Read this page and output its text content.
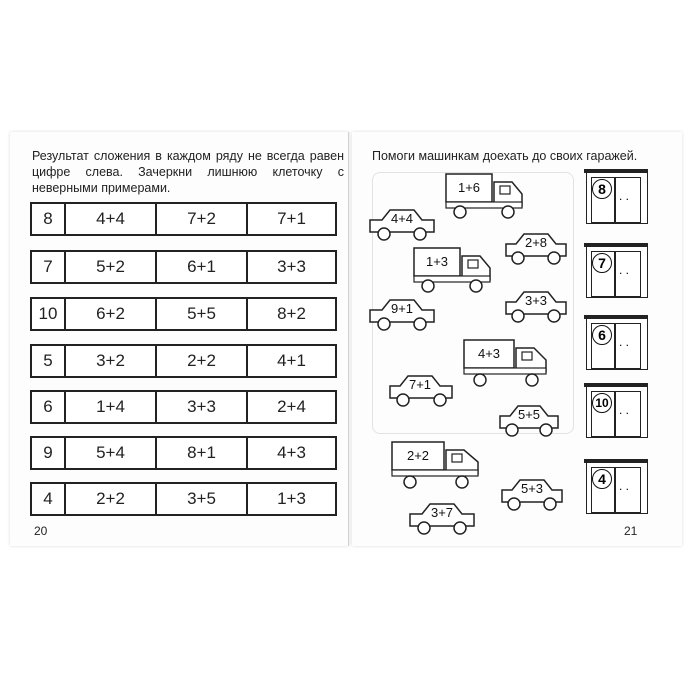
Результат сложения в каждом ряду не всегда равен цифре слева. Зачеркни лишнюю клеточку с неверными примерами.
8	4+4	7+2	7+1
7	5+2	6+1	3+3
10	6+2	5+5	8+2
5	3+2	2+2	4+1
6	1+4	3+3	2+4
9	5+4	8+1	4+3
4	2+2	3+5	1+3
20
Помоги машинкам доехать до своих гаражей.
1+6
4+4
2+8
1+3
3+3
9+1
4+3
7+1
5+5
2+2
5+3
3+7
8	. .
7	. .
6	. .
10 . .
4	. .
21
